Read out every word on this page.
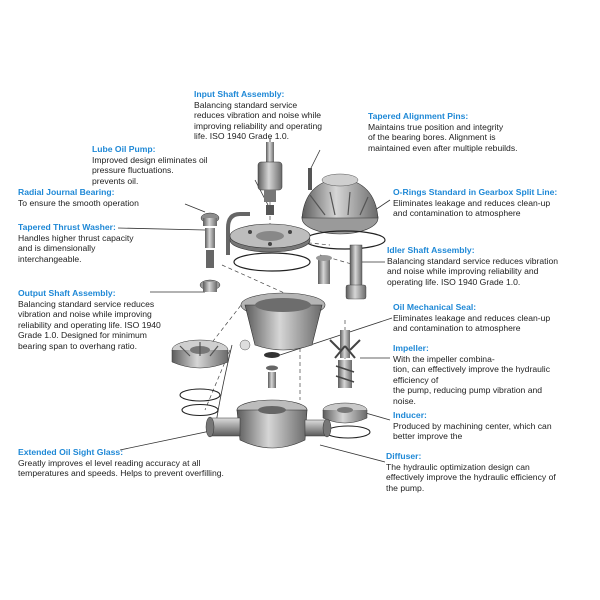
Input Shaft Assembly:
Balancing standard service
reduces vibration and noise while
improving reliability and operating
life. ISO 1940 Grade 1.0.
Tapered Alignment Pins:
Maintains true position and integrity
of the bearing bores. Alignment is
maintained even after multiple rebuilds.
Lube Oil Pump:
Improved design eliminates oil
pressure fluctuations.
prevents oil.
Radial Journal Bearing:
To ensure the smooth operation
O-Rings Standard in Gearbox Split Line:
Eliminates leakage and reduces clean-up
and contamination to atmosphere
Tapered Thrust Washer:
Handles higher thrust capacity
and is dimensionally
interchangeable.
Idler Shaft Assembly:
Balancing standard service reduces vibration
and noise while improving reliability and
operating life. ISO 1940 Grade 1.0.
Output Shaft Assembly:
Balancing standard service reduces
vibration and noise while improving
reliability and operating life. ISO 1940
Grade 1.0. Designed for minimum
bearing span to overhang ratio.
Oil Mechanical Seal:
Eliminates leakage and reduces clean-up
and contamination to atmosphere
Impeller:
With the impeller combina-
tion, can effectively improve the hydraulic
efficiency of
the pump, reducing pump vibration and
noise.
Inducer:
Produced by machining center, which can
better improve the
Extended Oil Sight Glass:
Greatly improves el level reading accuracy at all
temperatures and speeds. Helps to prevent overfilling.
Diffuser:
The hydraulic optimization design can
effectively improve the hydraulic efficiency of
the pump.
